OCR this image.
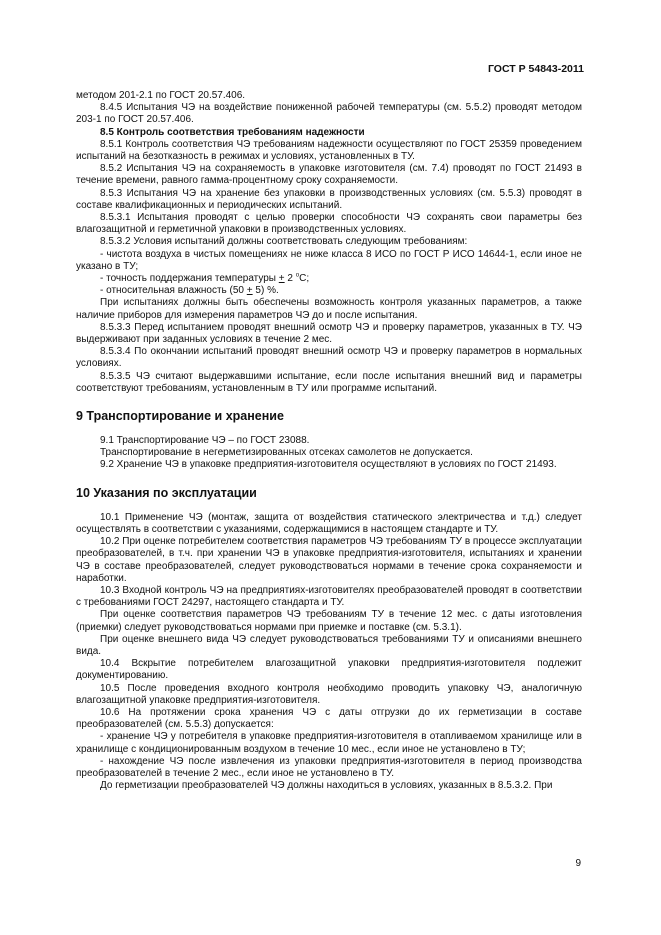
ГОСТ Р 54843-2011

методом 201-2.1 по ГОСТ 20.57.406.

8.4.5 Испытания ЧЭ на воздействие пониженной рабочей температуры (см. 5.5.2) проводят методом 203-1 по ГОСТ 20.57.406.

8.5 Контроль соответствия требованиям надежности

8.5.1 Контроль соответствия ЧЭ требованиям надежности осуществляют по ГОСТ 25359 проведением испытаний на безотказность в режимах и условиях, установленных в ТУ.

8.5.2 Испытания ЧЭ на сохраняемость в упаковке изготовителя (см. 7.4) проводят по ГОСТ 21493 в течение времени, равного гамма-процентному сроку сохраняемости.

8.5.3 Испытания ЧЭ на хранение без упаковки в производственных условиях (см. 5.5.3) проводят в составе квалификационных и периодических испытаний.

8.5.3.1 Испытания проводят с целью проверки способности ЧЭ сохранять свои параметры без влагозащитной и герметичной упаковки в производственных условиях.

8.5.3.2 Условия испытаний должны соответствовать следующим требованиям:

- чистота воздуха в чистых помещениях не ниже класса 8 ИСО по ГОСТ Р ИСО 14644-1, если иное не указано в ТУ;

- точность поддержания температуры + 2 $^о$С;

- относительная влажность (50 + 5) %.

При испытаниях должны быть обеспечены возможность контроля указанных параметров, а также наличие приборов для измерения параметров ЧЭ до и после испытания.

8.5.3.3 Перед испытанием проводят внешний осмотр ЧЭ и проверку параметров, указанных в ТУ. ЧЭ выдерживают при заданных условиях в течение 2 мес.

8.5.3.4 По окончании испытаний проводят внешний осмотр ЧЭ и проверку параметров в нормальных условиях.

8.5.3.5 ЧЭ считают выдержавшими испытание, если после испытания внешний вид и параметры соответствуют требованиям, установленным в ТУ или программе испытаний.

9 Транспортирование и хранение

9.1 Транспортирование ЧЭ – по ГОСТ 23088.

Транспортирование в негерметизированных отсеках самолетов не допускается.

9.2 Хранение ЧЭ в упаковке предприятия-изготовителя осуществляют в условиях по ГОСТ 21493.

10 Указания по эксплуатации

10.1 Применение ЧЭ (монтаж, защита от воздействия статического электричества и т.д.) следует осуществлять в соответствии с указаниями, содержащимися в настоящем стандарте и ТУ.

10.2 При оценке потребителем соответствия параметров ЧЭ требованиям ТУ в процессе эксплуатации преобразователей, в т.ч. при хранении ЧЭ в упаковке предприятия-изготовителя, испытаниях и хранении ЧЭ в составе преобразователей, следует руководствоваться нормами в течение срока сохраняемости и наработки.

10.3 Входной контроль ЧЭ на предприятиях-изготовителях преобразователей проводят в соответствии с требованиями ГОСТ 24297, настоящего стандарта и ТУ.

При оценке соответствия параметров ЧЭ требованиям ТУ в течение 12 мес. с даты изготовления (приемки) следует руководствоваться нормами при приемке и поставке (см. 5.3.1).

При оценке внешнего вида ЧЭ следует руководствоваться требованиями ТУ и описаниями внешнего вида.

10.4 Вскрытие потребителем влагозащитной упаковки предприятия-изготовителя подлежит документированию.

10.5 После проведения входного контроля необходимо проводить упаковку ЧЭ, аналогичную влагозащитной упаковке предприятия-изготовителя.

10.6 На протяжении срока хранения ЧЭ с даты отгрузки до их герметизации в составе преобразователей (см. 5.5.3) допускается:

- хранение ЧЭ у потребителя в упаковке предприятия-изготовителя в отапливаемом хранилище или в хранилище с кондиционированным воздухом в течение 10 мес., если иное не установлено в ТУ;

- нахождение ЧЭ после извлечения из упаковки предприятия-изготовителя в период производства преобразователей в течение 2 мес., если иное не установлено в ТУ.

До герметизации преобразователей ЧЭ должны находиться в условиях, указанных в 8.5.3.2. При

9
